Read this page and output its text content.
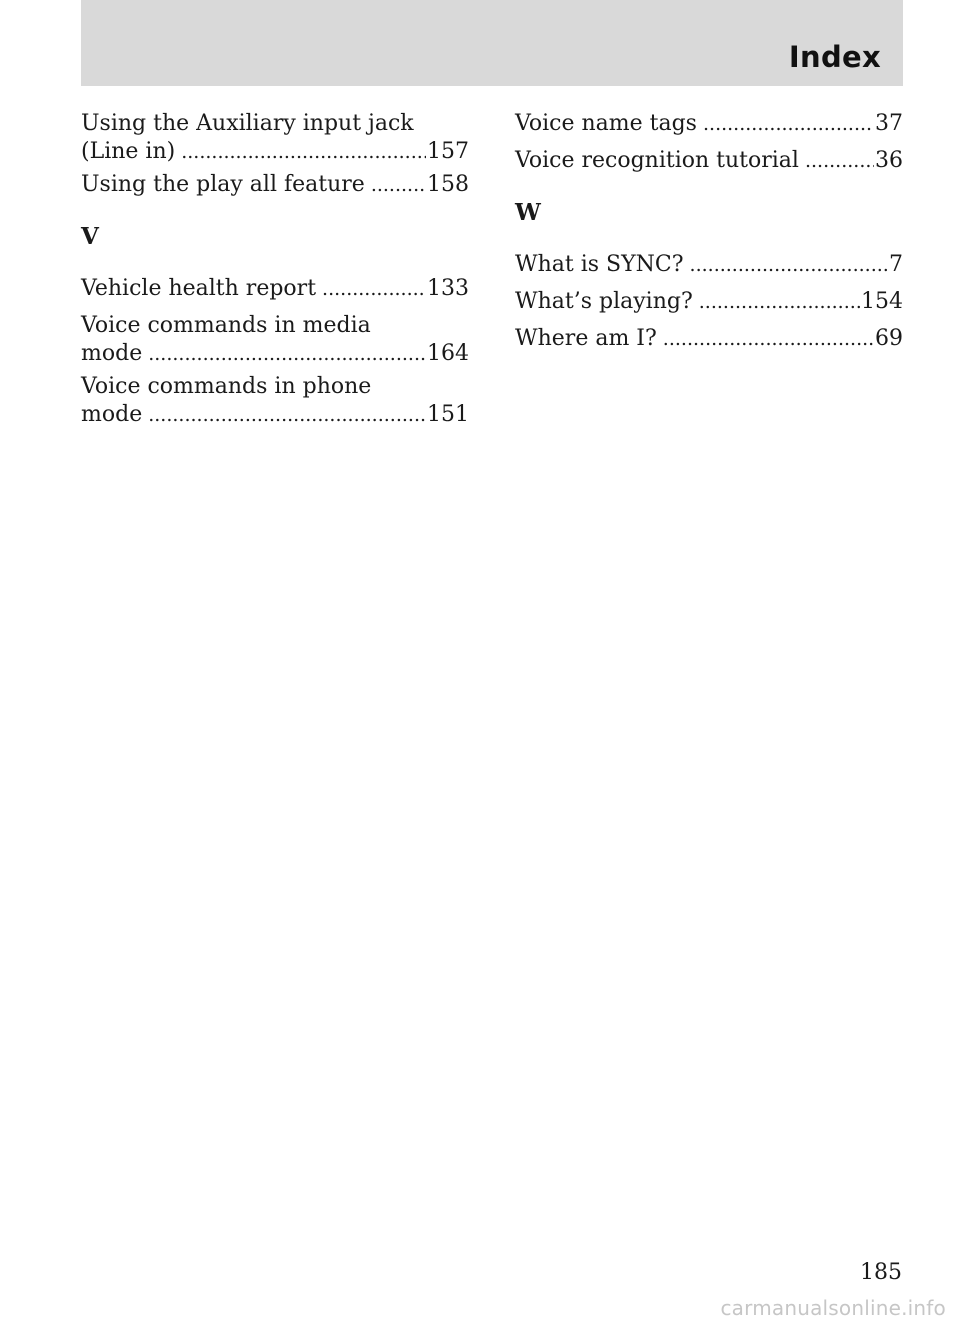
Index
Using the Auxiliary input jack
(Line in) .....	157
Using the play all feature .....	158
V
Vehicle health report .....	133
Voice commands in media
mode .....	164
Voice commands in phone
mode .....	151
Voice name tags .....	37
Voice recognition tutorial .....	36
W
What is SYNC? .....	7
What’s playing? .....	154
Where am I? .....	69
185
carmanualsonline.info
